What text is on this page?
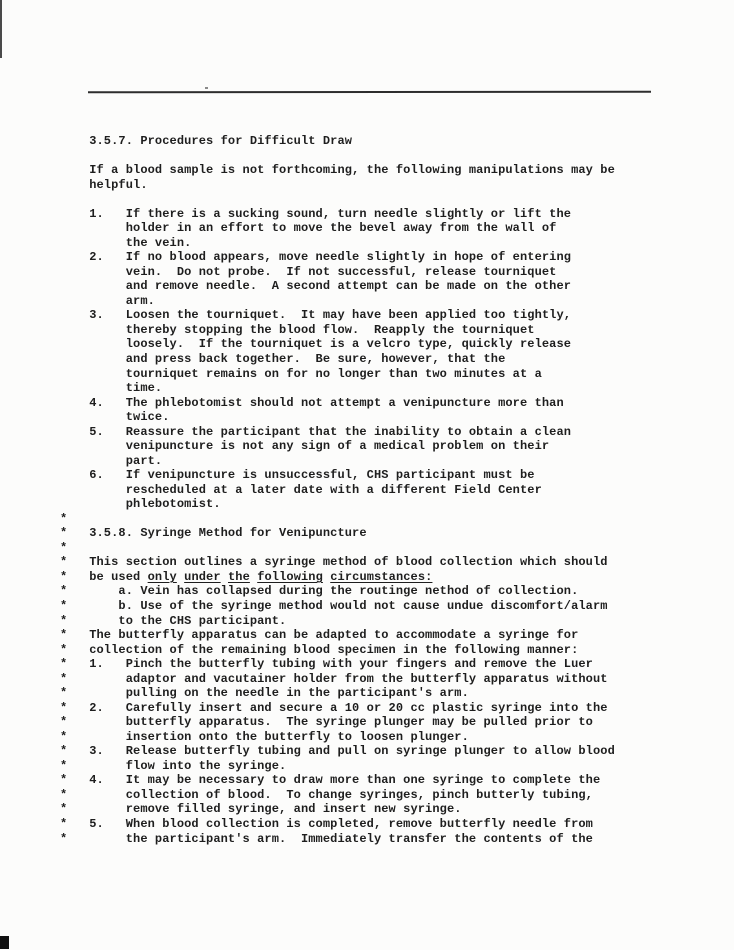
3.5.7. Procedures for Difficult Draw

If a blood sample is not forthcoming, the following manipulations may be
helpful.

1.   If there is a sucking sound, turn needle slightly or lift the
holder in an effort to move the bevel away from the wall of
the vein.
2.   If no blood appears, move needle slightly in hope of entering
vein.  Do not probe.  If not successful, release tourniquet
and remove needle.  A second attempt can be made on the other
arm.
3.   Loosen the tourniquet.  It may have been applied too tightly,
thereby stopping the blood flow.  Reapply the tourniquet
loosely.  If the tourniquet is a velcro type, quickly release
and press back together.  Be sure, however, that the
tourniquet remains on for no longer than two minutes at a
time.
4.   The phlebotomist should not attempt a venipuncture more than
twice.
5.   Reassure the participant that the inability to obtain a clean
venipuncture is not any sign of a medical problem on their
part.
6.   If venipuncture is unsuccessful, CHS participant must be
rescheduled at a later date with a different Field Center
phlebotomist.
*
*   3.5.8. Syringe Method for Venipuncture
*
*   This section outlines a syringe method of blood collection which should
*   be used only under the following circumstances:
*       a. Vein has collapsed during the routinge nethod of collection.
*       b. Use of the syringe method would not cause undue discomfort/alarm
*       to the CHS participant.
*   The butterfly apparatus can be adapted to accommodate a syringe for
*   collection of the remaining blood specimen in the following manner:
*   1.   Pinch the butterfly tubing with your fingers and remove the Luer
*        adaptor and vacutainer holder from the butterfly apparatus without
*        pulling on the needle in the participant's arm.
*   2.   Carefully insert and secure a 10 or 20 cc plastic syringe into the
*        butterfly apparatus.  The syringe plunger may be pulled prior to
*        insertion onto the butterfly to loosen plunger.
*   3.   Release butterfly tubing and pull on syringe plunger to allow blood
*        flow into the syringe.
*   4.   It may be necessary to draw more than one syringe to complete the
*        collection of blood.  To change syringes, pinch butterly tubing,
*        remove filled syringe, and insert new syringe.
*   5.   When blood collection is completed, remove butterfly needle from
*        the participant's arm.  Immediately transfer the contents of the
